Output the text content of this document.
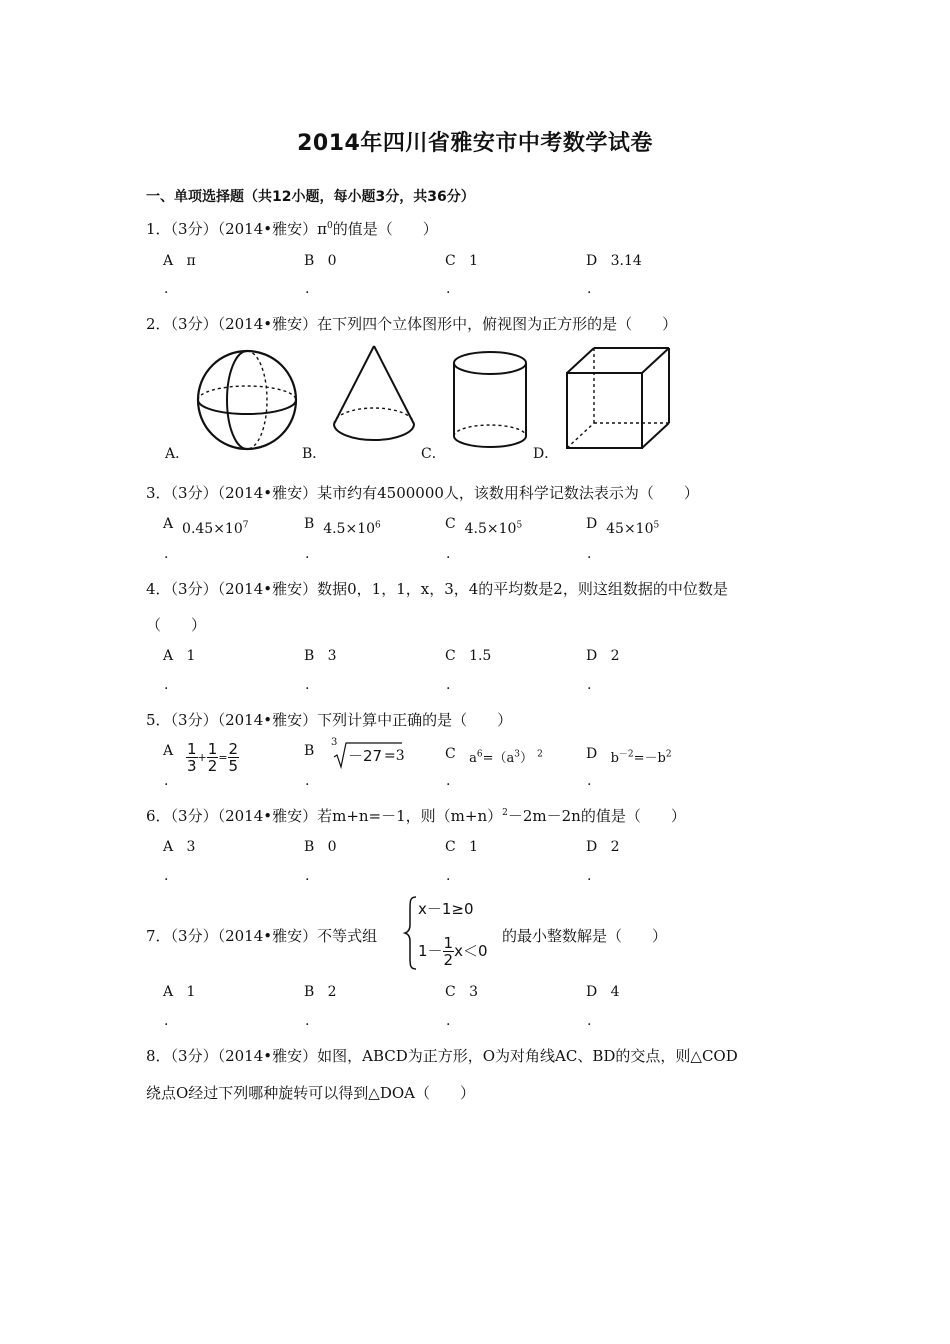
2014年四川省雅安市中考数学试卷
一、单项选择题（共12小题，每小题3分，共36分）
1．（3分）（2014•雅安）$\pi^0$的值是（　　）
A π	B 0	C 1	D 3.14
.	.	.	.
2．（3分）（2014•雅安）在下列四个立体图形中，俯视图为正方形的是（　　）
A．	B．	C．	D．
3．（3分）（2014•雅安）某市约有4500000人，该数用科学记数法表示为（　　）
A $0.45\times 10^7$	B $4.5\times 10^6$	C $4.5\times 10^5$	D $45\times 10^5$
.	.	.	.
4．（3分）（2014•雅安）数据0，1，1，x，3，4的平均数是2，则这组数据的中位数是
（　　）
A 1	B 3	C 1.5	D 2
.	.	.	.
5．（3分）（2014•雅安）下列计算中正确的是（　　）
A $\frac{1}{3} + \frac{1}{2} = \frac{2}{5}$	B
3
－27 =3	C $a^6=(a^3)$ $^2$	D $b^{-2}=-b^2$
.	.	.	.
6．（3分）（2014•雅安）若m+n=－1，则$(m+n)^2-2m-2n$的值是（　　）
A 3	B 0	C 1	D 2
.	.	.	.
7．（3分）（2014•雅安）不等式组
x－1≥0
$1- \frac{1}{2} x<0$
的最小整数解是（　　）
A 1	B 2	C 3	D 4
.	.	.	.
8．（3分）（2014•雅安）如图，ABCD为正方形，O为对角线AC、BD的交点，则△COD
绕点O经过下列哪种旋转可以得到△DOA（　　）
